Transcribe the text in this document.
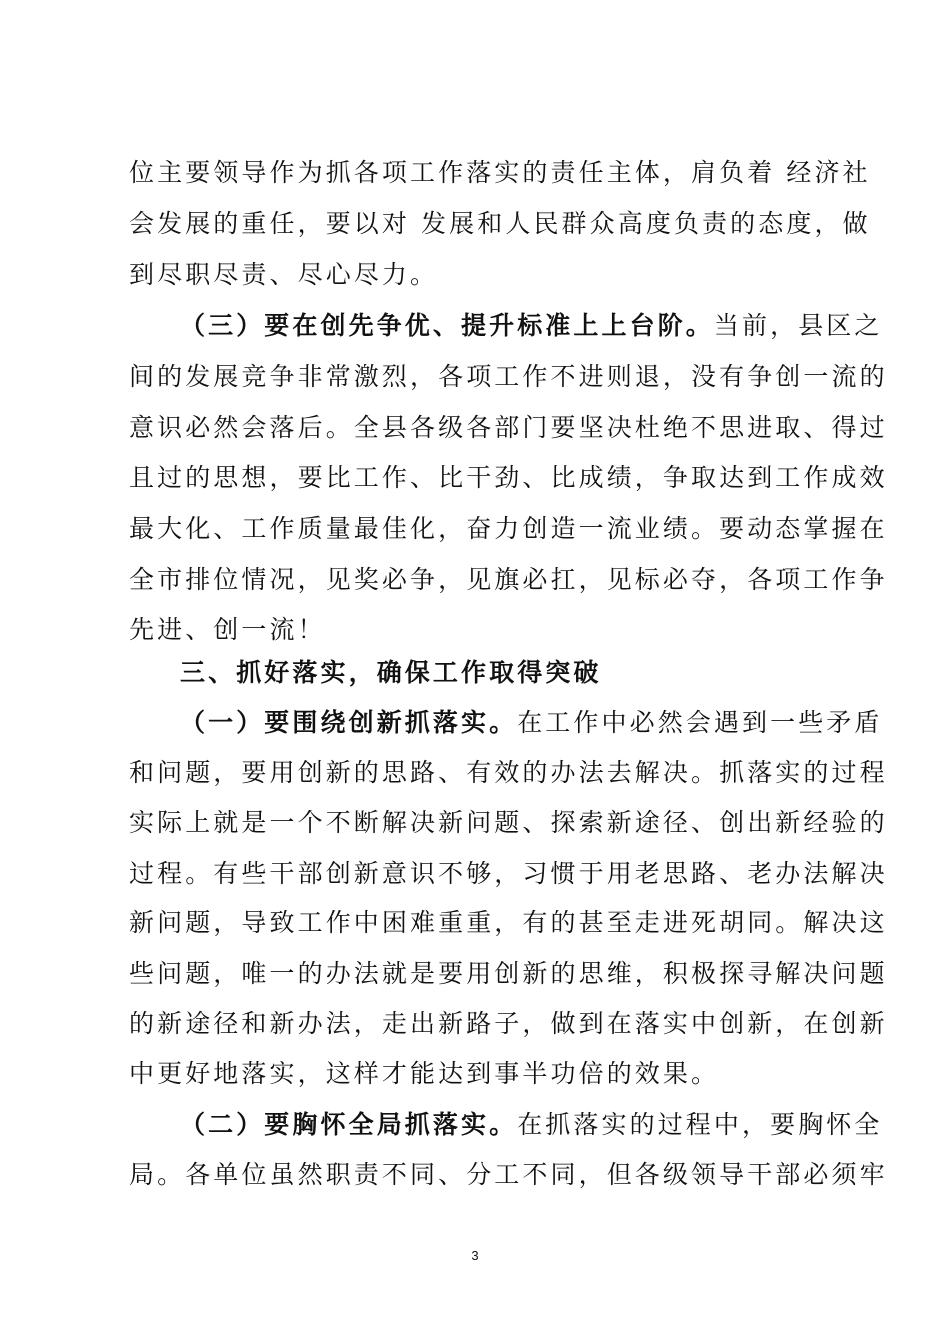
位主要领导作为抓各项工作落实的责任主体，肩负着 经济社
会发展的重任，要以对 发展和人民群众高度负责的态度，做
到尽职尽责、尽心尽力。
（三）要在创先争优、提升标准上上台阶。当前，县区之
间的发展竞争非常激烈，各项工作不进则退，没有争创一流的
意识必然会落后。全县各级各部门要坚决杜绝不思进取、得过
且过的思想，要比工作、比干劲、比成绩，争取达到工作成效
最大化、工作质量最佳化，奋力创造一流业绩。要动态掌握在
全市排位情况，见奖必争，见旗必扛，见标必夺，各项工作争
先进、创一流！
三、抓好落实，确保工作取得突破
（一）要围绕创新抓落实。在工作中必然会遇到一些矛盾
和问题，要用创新的思路、有效的办法去解决。抓落实的过程
实际上就是一个不断解决新问题、探索新途径、创出新经验的
过程。有些干部创新意识不够，习惯于用老思路、老办法解决
新问题，导致工作中困难重重，有的甚至走进死胡同。解决这
些问题，唯一的办法就是要用创新的思维，积极探寻解决问题
的新途径和新办法，走出新路子，做到在落实中创新，在创新
中更好地落实，这样才能达到事半功倍的效果。
（二）要胸怀全局抓落实。在抓落实的过程中，要胸怀全
局。各单位虽然职责不同、分工不同，但各级领导干部必须牢
3
